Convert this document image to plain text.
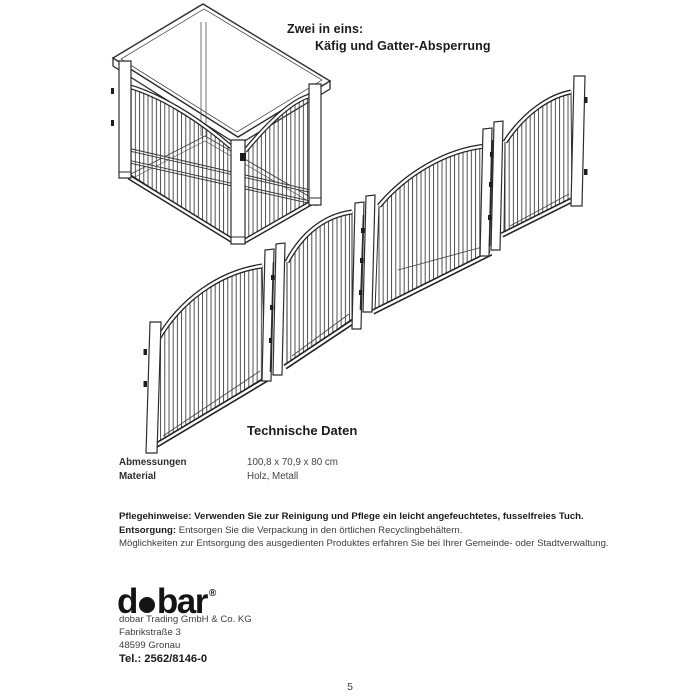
Zwei in eins:
Käfig und Gatter-Absperrung
Technische Daten
Abmessungen	100,8 x 70,9 x 80 cm
Material	Holz, Metall
Pflegehinweise: Verwenden Sie zur Reinigung und Pflege ein leicht angefeuchtetes, fusselfreies Tuch.
Entsorgung: Entsorgen Sie die Verpackung in den örtlichen Recyclingbehältern.
Möglichkeiten zur Entsorgung des ausgedienten Produktes erfahren Sie bei Ihrer Gemeinde- oder Stadtverwaltung.
d bar ®
dobar Trading GmbH & Co. KG
Fabrikstraße 3
48599 Gronau
Tel.: 2562/8146-0
5
